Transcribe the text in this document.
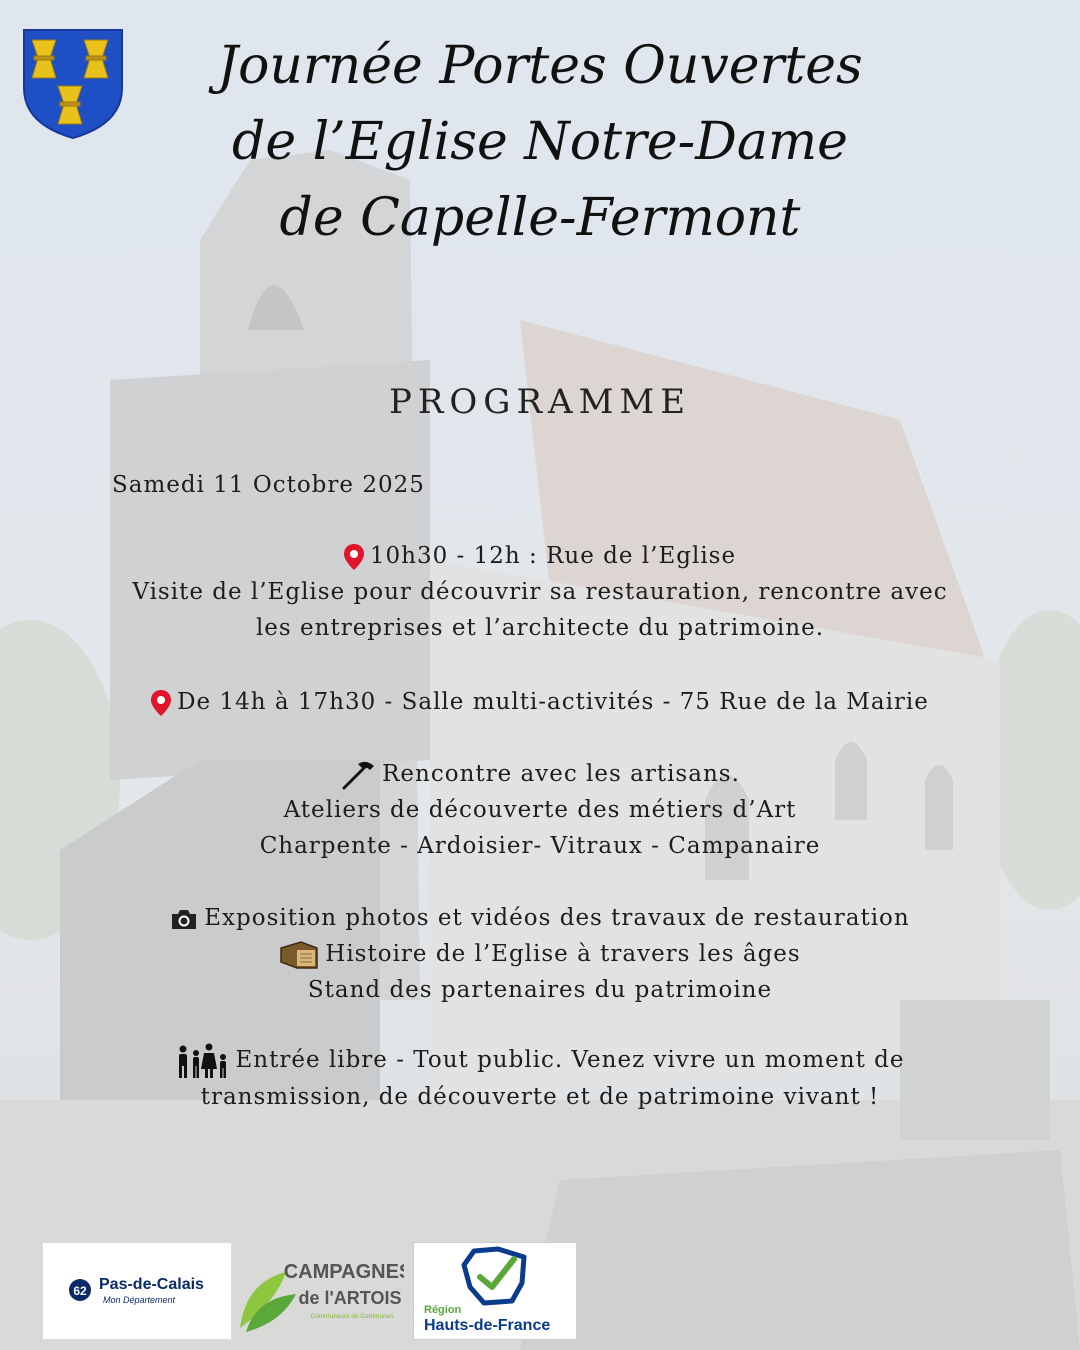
Journée Portes Ouvertes
de l’Eglise Notre-Dame
de Capelle-Fermont
PROGRAMME
Samedi 11 Octobre 2025
10h30 - 12h : Rue de l’Eglise
Visite de l’Eglise pour découvrir sa restauration, rencontre avec
les entreprises et l’architecte du patrimoine.
De 14h à 17h30 - Salle multi-activités - 75 Rue de la Mairie
Rencontre avec les artisans.
Ateliers de découverte des métiers d’Art
Charpente - Ardoisier- Vitraux - Campanaire
Exposition photos et vidéos des travaux de restauration
Histoire de l’Eglise à travers les âges
Stand des partenaires du patrimoine
Entrée libre - Tout public. Venez vivre un moment de
transmission, de découverte et de patrimoine vivant !
62 Pas-de-Calais
Mon Département
CAMPAGNES
de l'ARTOIS
Communauté de Communes
Région
Hauts-de-France
